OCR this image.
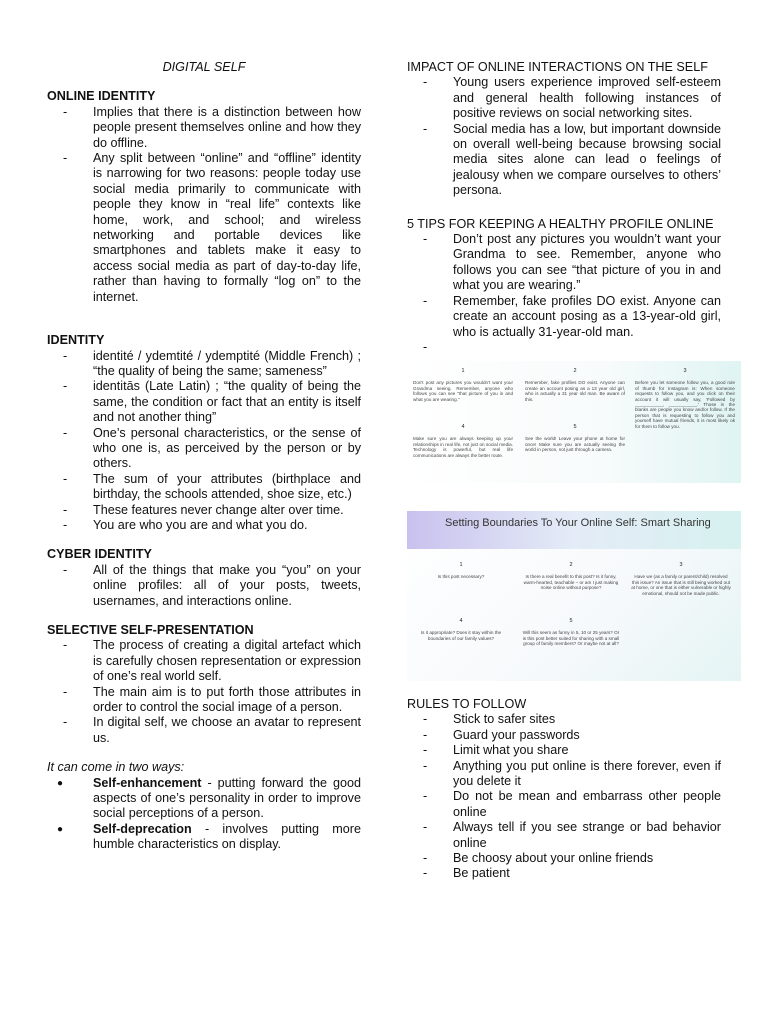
DIGITAL SELF

ONLINE IDENTITY

- Implies that there is a distinction between how people present themselves online and how they do offline.
- Any split between “online” and “offline” identity is narrowing for two reasons: people today use social media primarily to communicate with people they know in “real life” contexts like home, work, and school; and wireless networking and portable devices like smartphones and tablets make it easy to access social media as part of day-to-day life, rather than having to formally “log on” to the internet.

IDENTITY

- identité / ydemtité / ydemptité (Middle French) ; “the quality of being the same; sameness”
- identitās (Late Latin) ; “the quality of being the same, the condition or fact that an entity is itself and not another thing”
- One’s personal characteristics, or the sense of who one is, as perceived by the person or by others.
- The sum of your attributes (birthplace and birthday, the schools attended, shoe size, etc.)
- These features never change alter over time.
- You are who you are and what you do.

CYBER IDENTITY

- All of the things that make you “you” on your online profiles: all of your posts, tweets, usernames, and interactions online.

SELECTIVE SELF-PRESENTATION

- The process of creating a digital artefact which is carefully chosen representation or expression of one’s real world self.
- The main aim is to put forth those attributes in order to control the social image of a person.
- In digital self, we choose an avatar to represent us.

It can come in two ways:

● Self-enhancement - putting forward the good aspects of one’s personality in order to improve social perceptions of a person.
● Self-deprecation - involves putting more humble characteristics on display.

IMPACT OF ONLINE INTERACTIONS ON THE SELF

- Young users experience improved self-esteem and general health following instances of positive reviews on social networking sites.
- Social media has a low, but important downside on overall well-being because browsing social media sites alone can lead o feelings of jealousy when we compare ourselves to others’ persona.

5 TIPS FOR KEEPING A HEALTHY PROFILE ONLINE

- Don’t post any pictures you wouldn’t want your Grandma to see. Remember, anyone who follows you can see “that picture of you in and what you are wearing.”
- Remember, fake profiles DO exist. Anyone can create an account posing as a 13-year-old girl, who is actually 31-year-old man.
-
1
Don't post any pictures you wouldn't want your Grandma seeing. Remember, anyone who follows you can see "that picture of you in and what you are wearing."
2
Remember, fake profiles DO exist. Anyone can create an account posing as a 13 year old girl, who is actually a 31 year old man. Be aware of this.
3
Before you let someone follow you, a good rule of thumb for Instagram is: When someone requests to follow you, and you click on their account it will usually say, 'Followed by ___________, ___________.' Those in the blanks are people you know and/or follow. If the person that is requesting to follow you and yourself have mutual friends, it is most likely ok for them to follow you.
4
Make sure you are always keeping up your relationships in real life, not just on social media. Technology is powerful, but real life communications are always the better route.
5
See the world! Leave your phone at home for once! Make sure you are actually seeing the world in person, not just through a camera.
Setting Boundaries To Your Online Self: Smart Sharing
1
Is this post necessary?
2
Is there a real benefit to this post? Is it funny, warm-hearted, teachable – or am I just making noise online without purpose?
3
Have we (as a family or parent/child) resolved this issue? An issue that is still being worked out at home, or one that is either vulnerable or highly emotional, should not be made public.
4
Is it appropriate? Does it stay within the boundaries of our family values?
5
Will this seem as funny in 5, 10 or 25 years? Or is this post better suited for sharing with a small group of family members? Or maybe not at all?

RULES TO FOLLOW

- Stick to safer sites
- Guard your passwords
- Limit what you share
- Anything you put online is there forever, even if you delete it
- Do not be mean and embarrass other people online
- Always tell if you see strange or bad behavior online
- Be choosy about your online friends
- Be patient
